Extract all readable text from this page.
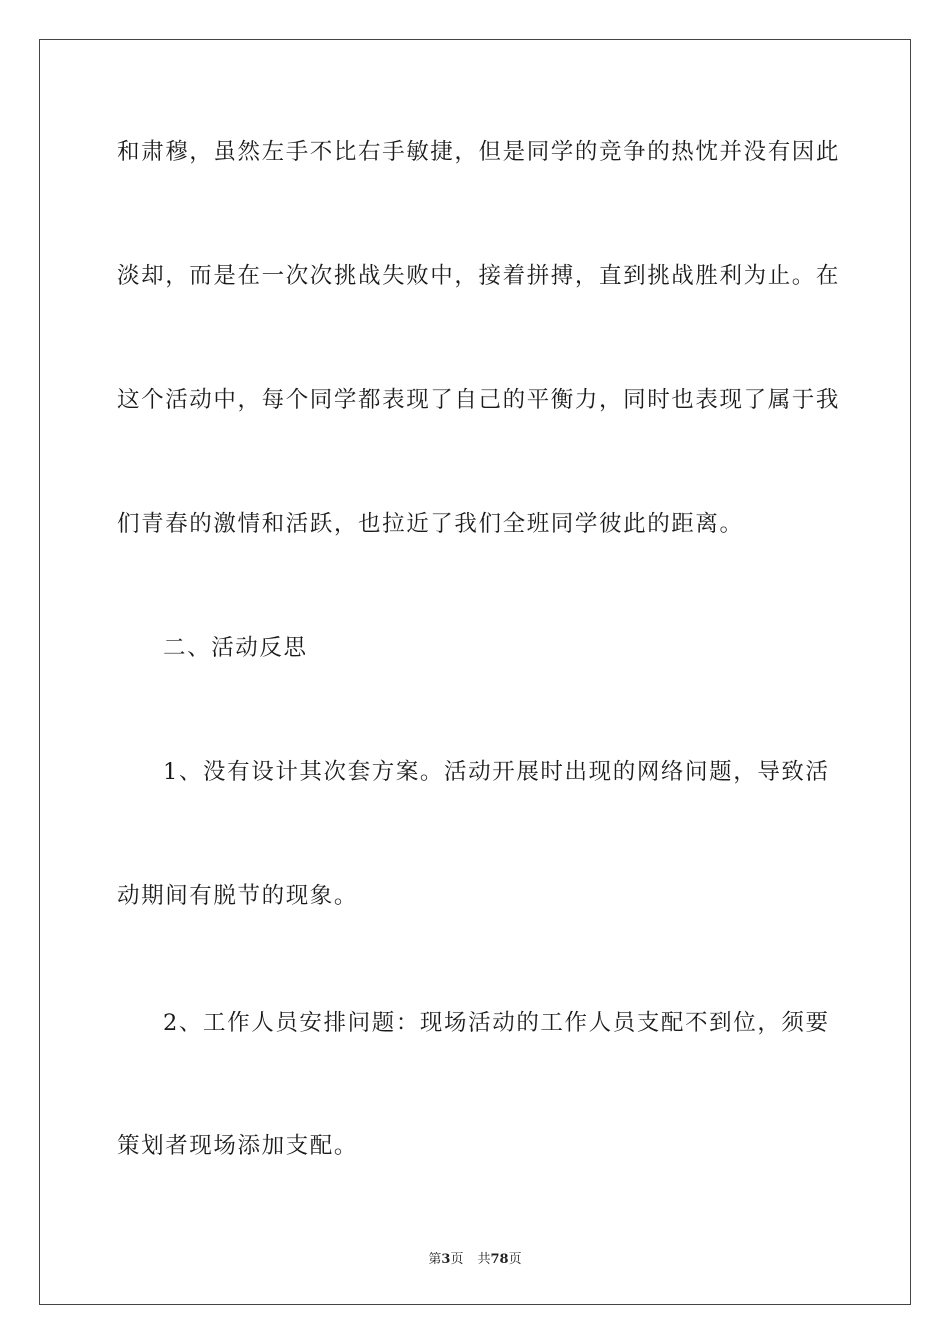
和肃穆，虽然左手不比右手敏捷，但是同学的竞争的热忱并没有因此
淡却，而是在一次次挑战失败中，接着拼搏，直到挑战胜利为止。在
这个活动中，每个同学都表现了自己的平衡力，同时也表现了属于我
们青春的激情和活跃，也拉近了我们全班同学彼此的距离。
二、活动反思
1、没有设计其次套方案。活动开展时出现的网络问题，导致活
动期间有脱节的现象。
2、工作人员安排问题：现场活动的工作人员支配不到位，须要
策划者现场添加支配。
第3页 共78页
